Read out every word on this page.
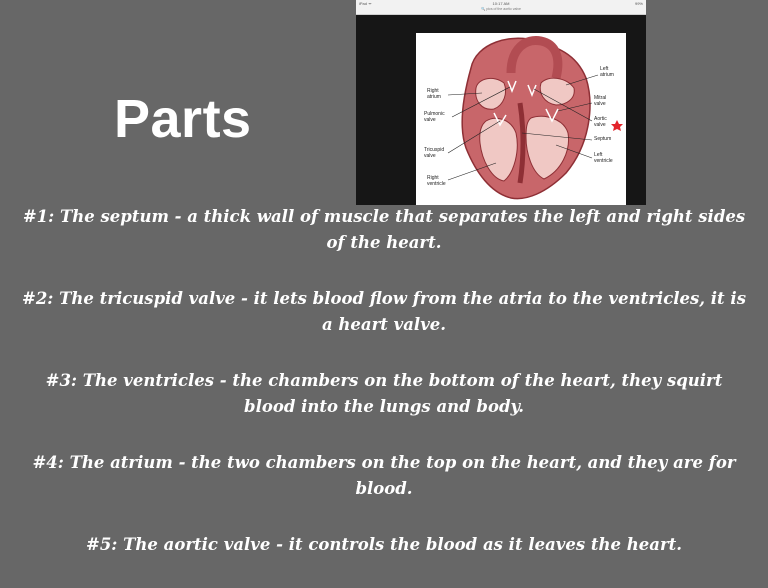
Parts
iPad ᯤ	10:17 AM
🔍 pics of the aortic valve
99%
Left
atrium
Right
atrium	Mitral
valve
Pulmonic
valve	Aortic
valve
Septum
Tricuspid
valve	Left
ventricle
Right
ventricle
#1: The septum - a thick wall of muscle that separates the left and right sides of the heart.
#2: The tricuspid valve - it lets blood flow from the atria to the ventricles, it is a heart valve.
#3: The ventricles - the chambers on the bottom of the heart, they squirt blood into the lungs and body.
#4: The atrium - the two chambers on the top on the heart, and they are for blood.
#5: The aortic valve - it controls the blood as it leaves the heart.
